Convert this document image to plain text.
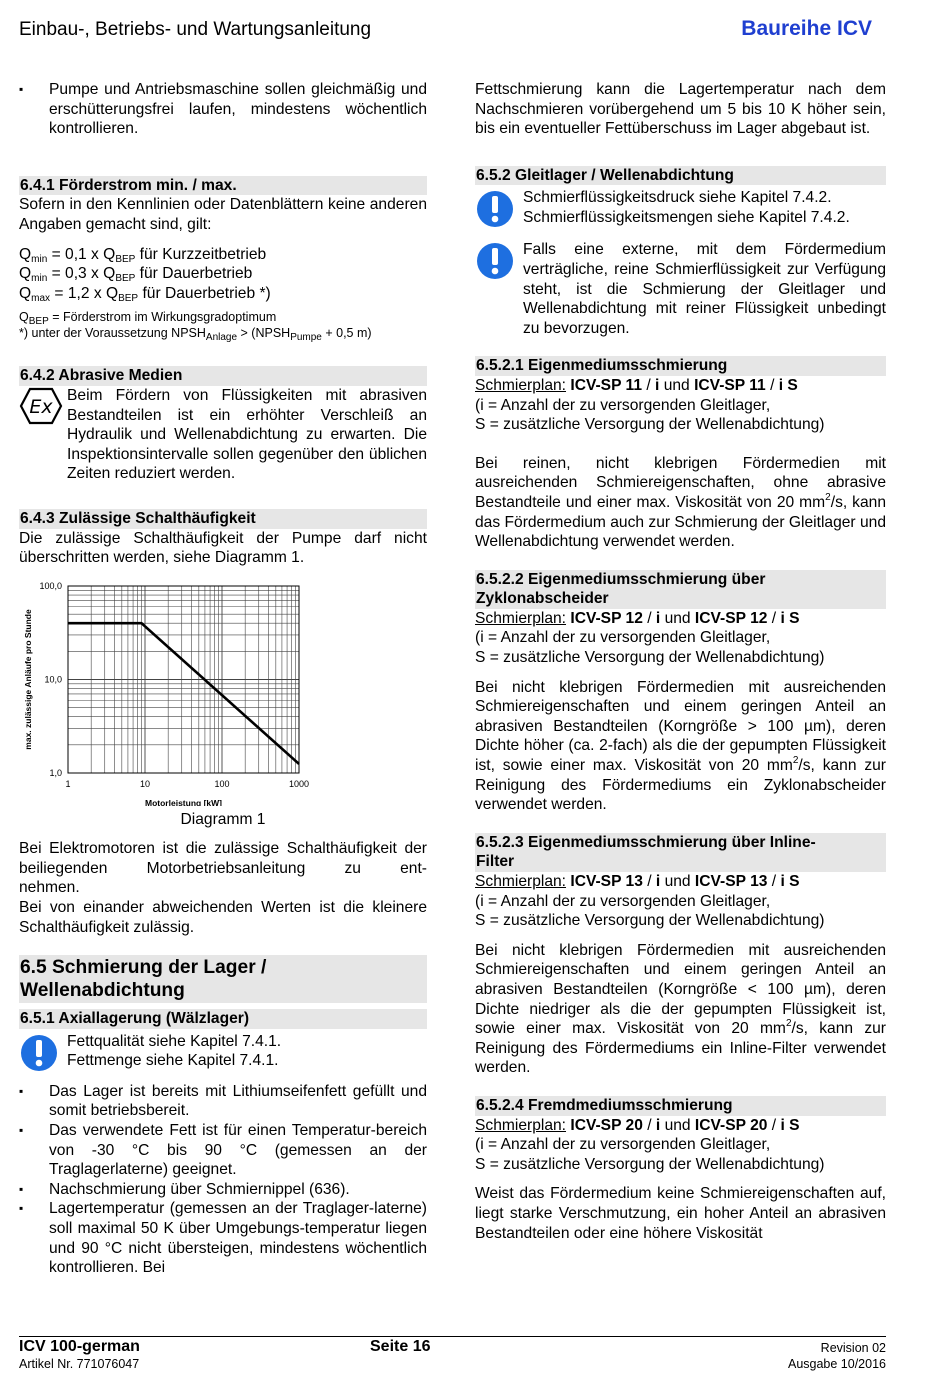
Einbau-, Betriebs- und Wartungsanleitung	Baureihe ICV
▪ Pumpe und Antriebsmaschine sollen gleichmäßig und erschütterungsfrei laufen, mindestens wöchentlich kontrollieren.
6.4.1 Förderstrom min. / max.

Sofern in den Kennlinien oder Datenblättern keine anderen Angaben gemacht sind, gilt:

$Q_{min} = 0,1$ x $Q_{BEP}$ für Kurzzeitbetrieb
$Q_{min} = 0,3$ x $Q_{BEP}$ für Dauerbetrieb
$Q_{max} = 1,2$ x $Q_{BEP}$ für Dauerbetrieb *)
$Q_{BEP}$ = Förderstrom im Wirkungsgradoptimum
*) unter der Voraussetzung $NPSH_{Anlage}$ > ($NPSH_{Pumpe} + 0,5$ m)
6.4.2 Abrasive Medien
Ex

Beim Fördern von Flüssigkeiten mit abrasiven Bestandteilen ist ein erhöhter Verschleiß an Hydraulik und Wellenabdichtung zu erwarten. Die Inspektionsintervalle sollen gegenüber den üblichen Zeiten reduziert werden.

6.4.3 Zulässige Schalthäufigkeit

Die zulässige Schalthäufigkeit der Pumpe darf nicht überschritten werden, siehe Diagramm 1.

1	10	100	1000
1,0
10,0
100,0
Motorleistung [kW]
max. zulässige Anläufe pro Stunde
Diagramm 1

Bei Elektromotoren ist die zulässige Schalthäufigkeit der beiliegenden Motorbetriebsanleitung zu ent-

nehmen.

Bei von einander abweichenden Werten ist die kleinere Schalthäufigkeit zulässig.

6.5 Schmierung der Lager /
Wellenabdichtung
6.5.1 Axiallagerung (Wälzlager)
Fettqualität siehe Kapitel 7.4.1.
Fettmenge siehe Kapitel 7.4.1.
▪ Das Lager ist bereits mit Lithiumseifenfett gefüllt und somit betriebsbereit.
▪ Das verwendete Fett ist für einen Temperatur-bereich von -30 °C bis 90 °C (gemessen an der Traglagerlaterne) geeignet.
▪ Nachschmierung über Schmiernippel (636).
▪ Lagertemperatur (gemessen an der Traglager-laterne) soll maximal 50 K über Umgebungs-temperatur liegen und 90 °C nicht übersteigen, mindestens wöchentlich kontrollieren. Bei

Fettschmierung kann die Lagertemperatur nach dem Nachschmieren vorübergehend um 5 bis 10 K höher sein, bis ein eventueller Fettüberschuss im Lager abgebaut ist.

6.5.2 Gleitlager / Wellenabdichtung
Schmierflüssigkeitsdruck siehe Kapitel 7.4.2.
Schmierflüssigkeitsmengen siehe Kapitel 7.4.2.

Falls eine externe, mit dem Fördermedium verträgliche, reine Schmierflüssigkeit zur Verfügung steht, ist die Schmierung der Gleitlager und Wellenabdichtung mit reiner Flüssigkeit unbedingt zu bevorzugen.

6.5.2.1 Eigenmediumsschmierung
Schmierplan: ICV-SP 11 / i und ICV-SP 11 / i S
(i = Anzahl der zu versorgenden Gleitlager,
S = zusätzliche Versorgung der Wellenabdichtung)

Bei reinen, nicht klebrigen Fördermedien mit ausreichenden Schmiereigenschaften, ohne abrasive Bestandteile und einer max. Viskosität von 20 $mm^2/s$, kann das Fördermedium auch zur Schmierung der Gleitlager und Wellenabdichtung verwendet werden.

6.5.2.2 Eigenmediumsschmierung über
Zyklonabscheider
Schmierplan: ICV-SP 12 / i und ICV-SP 12 / i S
(i = Anzahl der zu versorgenden Gleitlager,
S = zusätzliche Versorgung der Wellenabdichtung)

Bei nicht klebrigen Fördermedien mit ausreichenden Schmiereigenschaften und einem geringen Anteil an abrasiven Bestandteilen (Korngröße > 100 µm), deren Dichte höher (ca. 2-fach) als die der gepumpten Flüssigkeit ist, sowie einer max. Viskosität von 20 $mm^2/s$, kann zur Reinigung des Fördermediums ein Zyklonabscheider verwendet werden.

6.5.2.3 Eigenmediumsschmierung über Inline-
Filter
Schmierplan: ICV-SP 13 / i und ICV-SP 13 / i S
(i = Anzahl der zu versorgenden Gleitlager,
S = zusätzliche Versorgung der Wellenabdichtung)

Bei nicht klebrigen Fördermedien mit ausreichenden Schmiereigenschaften und einem geringen Anteil an abrasiven Bestandteilen (Korngröße < 100 µm), deren Dichte niedriger als die der gepumpten Flüssigkeit ist, sowie einer max. Viskosität von 20 $mm^2/s$, kann zur Reinigung des Fördermediums ein Inline-Filter verwendet werden.

6.5.2.4 Fremdmediumsschmierung
Schmierplan: ICV-SP 20 / i und ICV-SP 20 / i S
(i = Anzahl der zu versorgenden Gleitlager,
S = zusätzliche Versorgung der Wellenabdichtung)

Weist das Fördermedium keine Schmiereigenschaften auf, liegt starke Verschmutzung, ein hoher Anteil an abrasiven Bestandteilen oder eine höhere Viskosität

ICV 100-german
Artikel Nr. 771076047
Seite 16	Revision 02
Ausgabe 10/2016
